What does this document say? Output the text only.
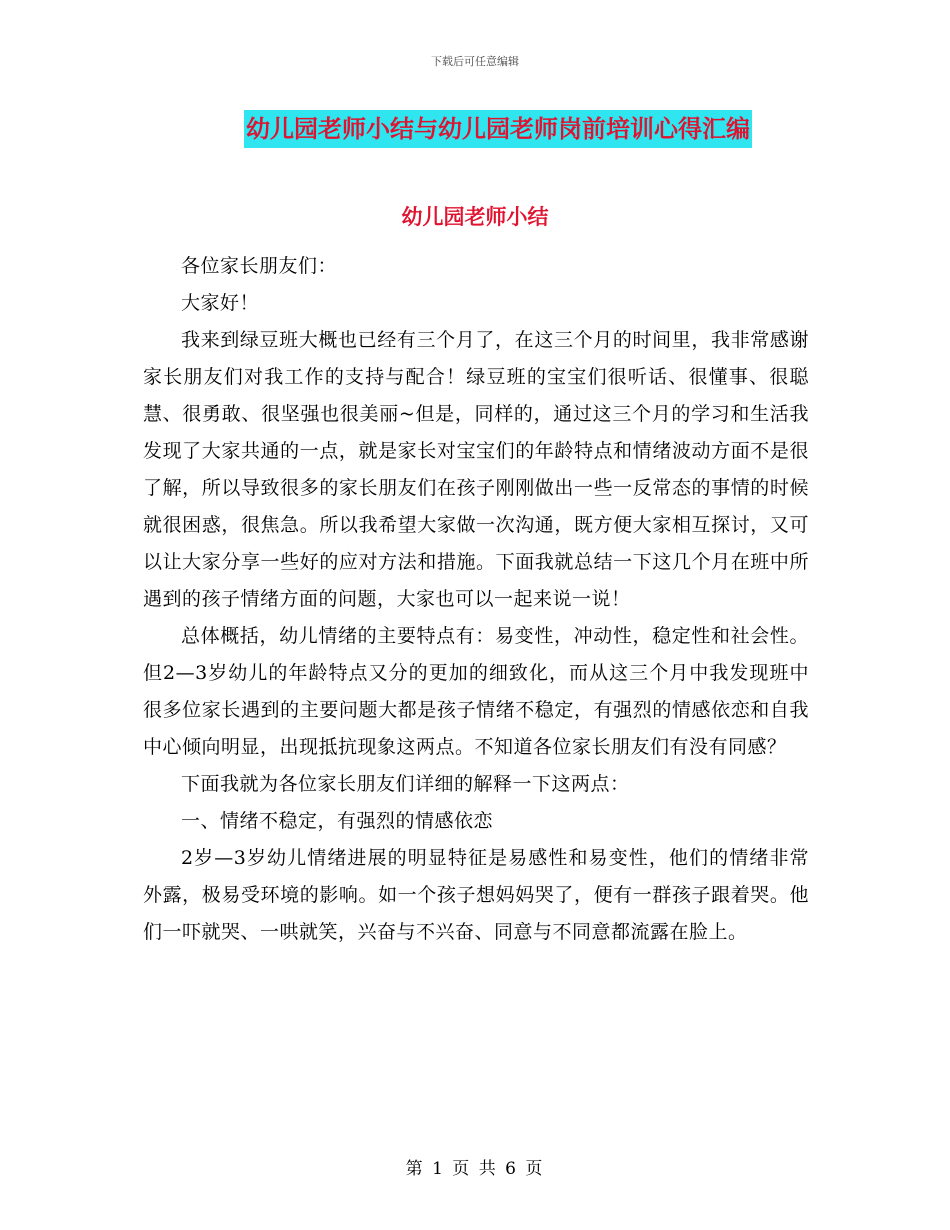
下载后可任意编辑
幼儿园老师小结与幼儿园老师岗前培训心得汇编
幼儿园老师小结

各位家长朋友们：

大家好！

我来到绿豆班大概也已经有三个月了，在这三个月的时间里，我非常感谢家长朋友们对我工作的支持与配合！绿豆班的宝宝们很听话、很懂事、很聪慧、很勇敢、很坚强也很美丽~但是，同样的，通过这三个月的学习和生活我发现了大家共通的一点，就是家长对宝宝们的年龄特点和情绪波动方面不是很了解，所以导致很多的家长朋友们在孩子刚刚做出一些一反常态的事情的时候就很困惑，很焦急。所以我希望大家做一次沟通，既方便大家相互探讨，又可以让大家分享一些好的应对方法和措施。下面我就总结一下这几个月在班中所遇到的孩子情绪方面的问题，大家也可以一起来说一说！

总体概括，幼儿情绪的主要特点有：易变性，冲动性，稳定性和社会性。但2—3岁幼儿的年龄特点又分的更加的细致化，而从这三个月中我发现班中很多位家长遇到的主要问题大都是孩子情绪不稳定，有强烈的情感依恋和自我中心倾向明显，出现抵抗现象这两点。不知道各位家长朋友们有没有同感？

下面我就为各位家长朋友们详细的解释一下这两点：

一、情绪不稳定，有强烈的情感依恋

2岁—3岁幼儿情绪进展的明显特征是易感性和易变性，他们的情绪非常外露，极易受环境的影响。如一个孩子想妈妈哭了，便有一群孩子跟着哭。他们一吓就哭、一哄就笑，兴奋与不兴奋、同意与不同意都流露在脸上。

第 1 页 共 6 页
